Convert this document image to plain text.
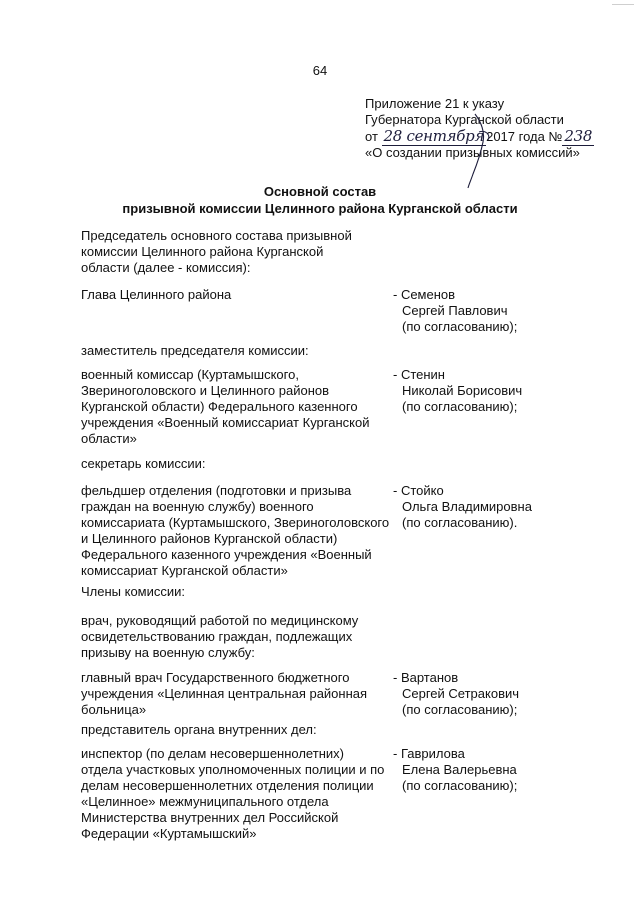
64
Приложение 21 к указу
Губернатора Курганской области
от 28 сентября 2017 года № 238
«О создании призывных комиссий»
Основной состав
призывной комиссии Целинного района Курганской области
Председатель основного состава призывной
комиссии Целинного района Курганской
области (далее - комиссия):
Глава Целинного района	- Семенов
Сергей Павлович
(по согласованию);
заместитель председателя комиссии:
военный комиссар (Куртамышского,
Звериноголовского и Целинного районов
Курганской области) Федерального казенного
учреждения «Военный комиссариат Курганской
области»
- Стенин
Николай Борисович
(по согласованию);
секретарь комиссии:
фельдшер отделения (подготовки и призыва
граждан на военную службу) военного
комиссариата (Куртамышского, Звериноголовского
и Целинного районов Курганской области)
Федерального казенного учреждения «Военный
комиссариат Курганской области»
- Стойко
Ольга Владимировна
(по согласованию).
Члены комиссии:
врач, руководящий работой по медицинскому
освидетельствованию граждан, подлежащих
призыву на военную службу:
главный врач Государственного бюджетного
учреждения «Целинная центральная районная
больница»
- Вартанов
Сергей Сетракович
(по согласованию);
представитель органа внутренних дел:
инспектор (по делам несовершеннолетних)
отдела участковых уполномоченных полиции и по
делам несовершеннолетних отделения полиции
«Целинное» межмуниципального отдела
Министерства внутренних дел Российской
Федерации «Куртамышский»
- Гаврилова
Елена Валерьевна
(по согласованию);
